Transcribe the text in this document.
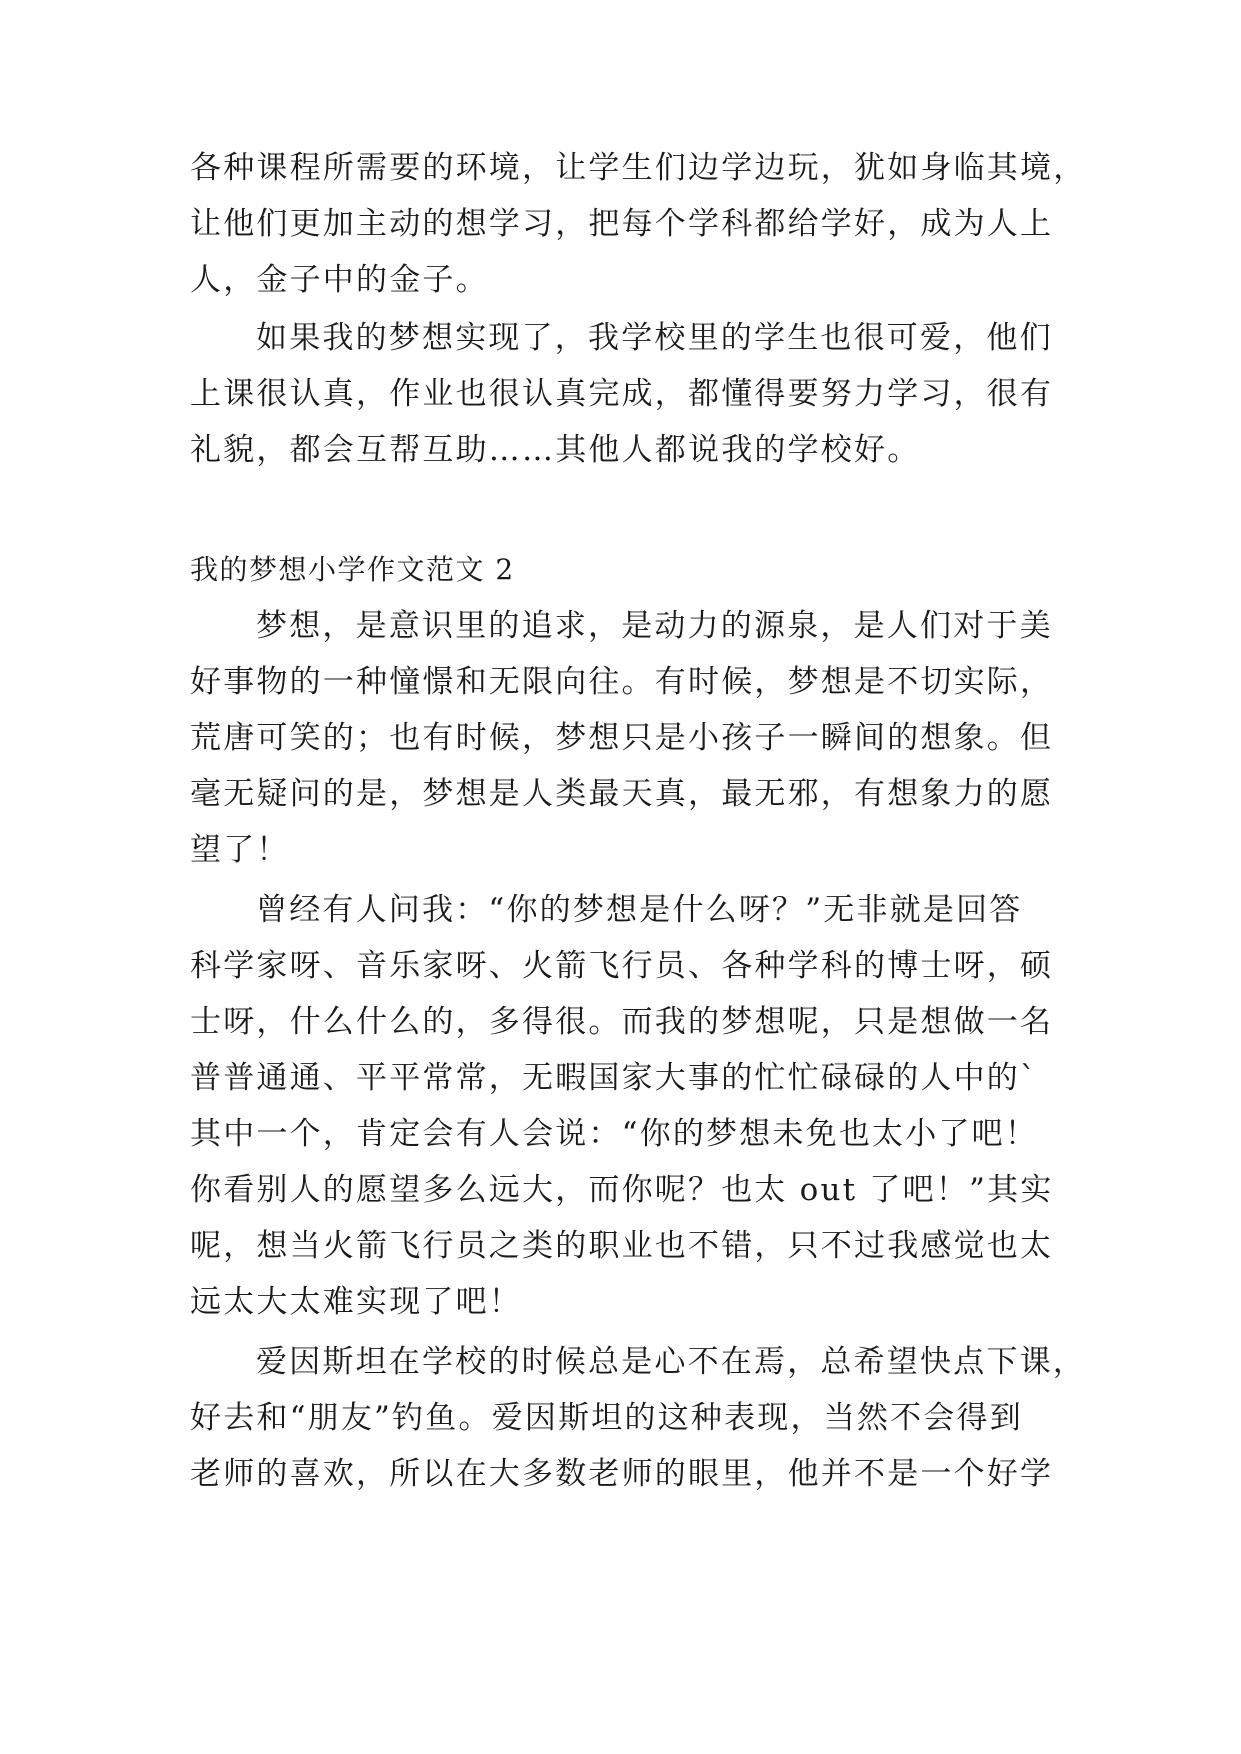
各种课程所需要的环境，让学生们边学边玩，犹如身临其境，
让他们更加主动的想学习，把每个学科都给学好，成为人上
人，金子中的金子。
如果我的梦想实现了，我学校里的学生也很可爱，他们
上课很认真，作业也很认真完成，都懂得要努力学习，很有
礼貌，都会互帮互助……其他人都说我的学校好。
我的梦想小学作文范文 2
梦想，是意识里的追求，是动力的源泉，是人们对于美
好事物的一种憧憬和无限向往。有时候，梦想是不切实际，
荒唐可笑的；也有时候，梦想只是小孩子一瞬间的想象。但
毫无疑问的是，梦想是人类最天真，最无邪，有想象力的愿
望了！
曾经有人问我：“你的梦想是什么呀？”无非就是回答
科学家呀、音乐家呀、火箭飞行员、各种学科的博士呀，硕
士呀，什么什么的，多得很。而我的梦想呢，只是想做一名
普普通通、平平常常，无暇国家大事的忙忙碌碌的人中的`
其中一个，肯定会有人会说：“你的梦想未免也太小了吧！
你看别人的愿望多么远大，而你呢？也太 out 了吧！”其实
呢，想当火箭飞行员之类的职业也不错，只不过我感觉也太
远太大太难实现了吧！
爱因斯坦在学校的时候总是心不在焉，总希望快点下课，
好去和“朋友”钓鱼。爱因斯坦的这种表现，当然不会得到
老师的喜欢，所以在大多数老师的眼里，他并不是一个好学
